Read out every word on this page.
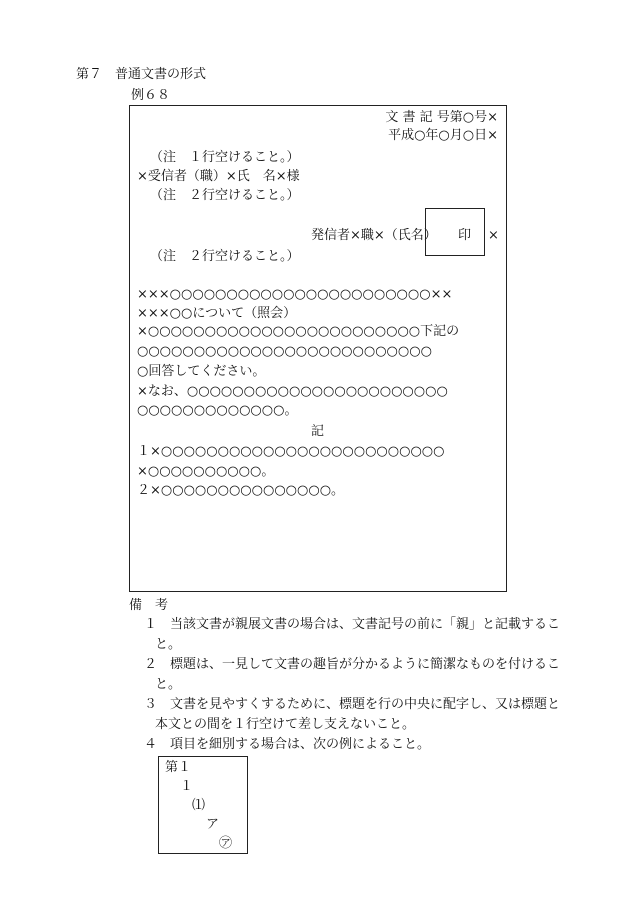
第７　普通文書の形式
例６８
文 書 記 号第○号×
平成○年○月○日×
（注　１行空けること。）
×受信者（職）×氏　名×様
（注　２行空けること。）
発信者×職×（氏名） 印 ×
（注　２行空けること。）
×××○○○○○○○○○○○○○○○○○○○○○○○××
×××○○について（照会）
×○○○○○○○○○○○○○○○○○○○○○○○○下記の
○○○○○○○○○○○○○○○○○○○○○○○○○○
○回答してください。
×なお、○○○○○○○○○○○○○○○○○○○○○○○
○○○○○○○○○○○○○。
記
１×○○○○○○○○○○○○○○○○○○○○○○○○○
×○○○○○○○○○○。
２×○○○○○○○○○○○○○○○。
備　考
１ 当該文書が親展文書の場合は、文書記号の前に「親」と記載するこ
と。
２ 標題は、一見して文書の趣旨が分かるように簡潔なものを付けるこ
と。
３ 文書を見やすくするために、標題を行の中央に配字し、又は標題と
本文との間を１行空けて差し支えないこと。
４ 項目を細別する場合は、次の例によること。
第１
１
⑴
ア
㋐
